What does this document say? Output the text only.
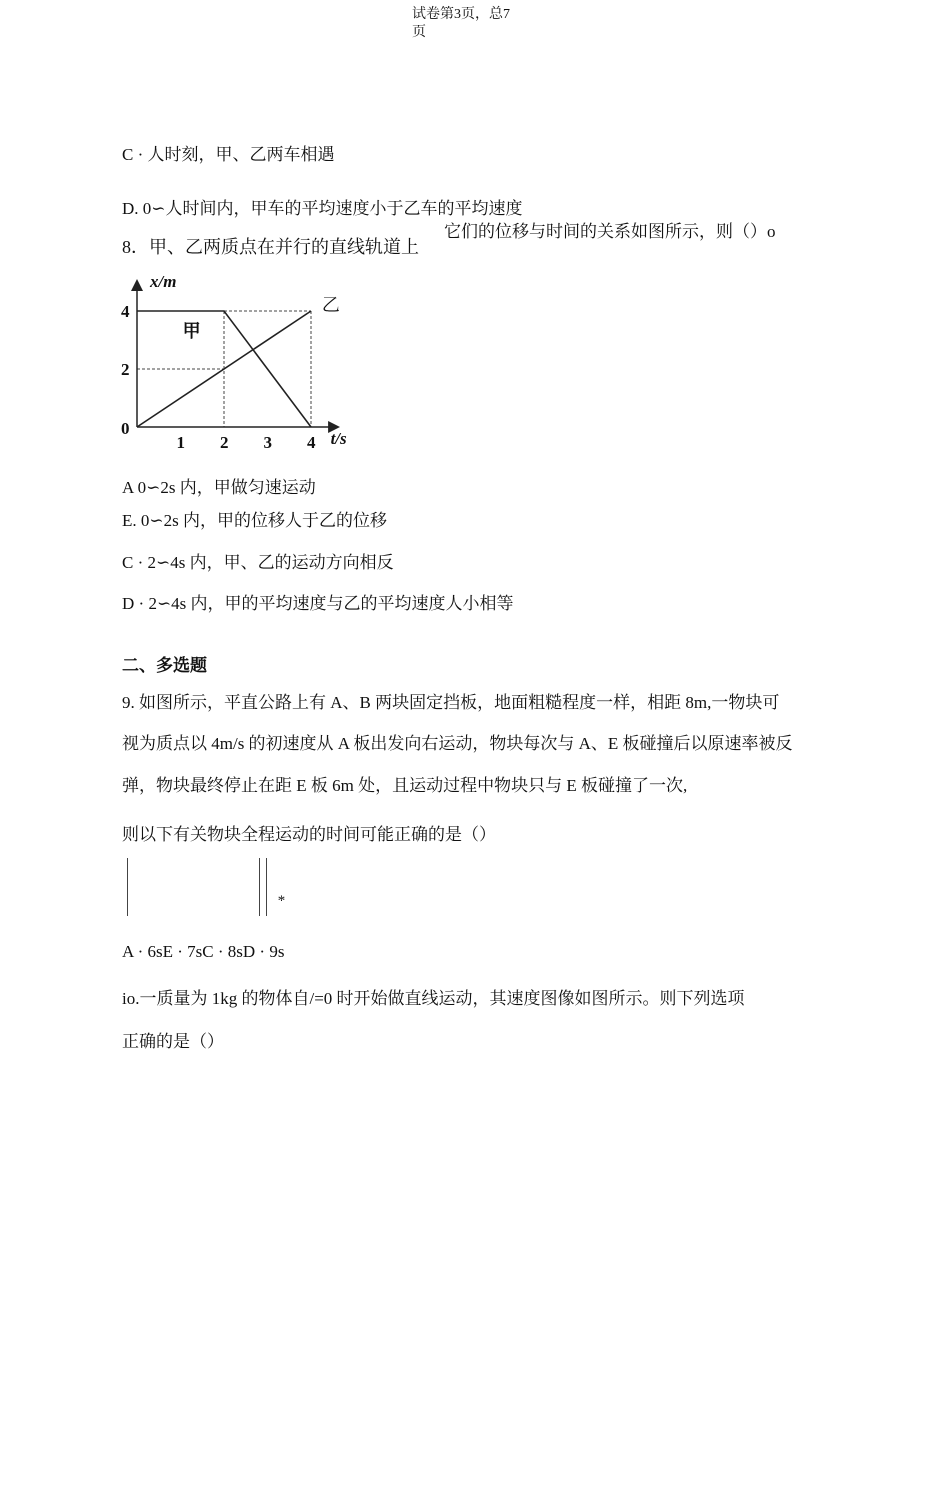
试卷第3页，总7
页
C · 人时刻，甲、乙两车相遇
D. 0∽人时间内，甲车的平均速度小于乙车的平均速度
8．甲、乙两质点在并行的直线轨道上
它们的位移与时间的关系如图所示，则（）o
1 2 3 4
2
4
0
x/m
t/s
甲
乙
A 0∽2s 内，甲做匀速运动
E. 0∽2s 内，甲的位移人于乙的位移
C · 2∽4s 内，甲、乙的运动方向相反
D · 2∽4s 内，甲的平均速度与乙的平均速度人小相等
二、多选题
9. 如图所示，平直公路上有 A、B 两块固定挡板，地面粗糙程度一样，相距 8m,一物块可
视为质点以 4m/s 的初速度从 A 板出发向右运动，物块每次与 A、E 板碰撞后以原速率被反
弹，物块最终停止在距 E 板 6m 处，且运动过程中物块只与 E 板碰撞了一次,
则以下有关物块全程运动的时间可能正确的是（）
*
A · 6sE · 7sC · 8sD · 9s
io.一质量为 1kg 的物体自/=0 时开始做直线运动，其速度图像如图所示。则下列选项
正确的是（）
